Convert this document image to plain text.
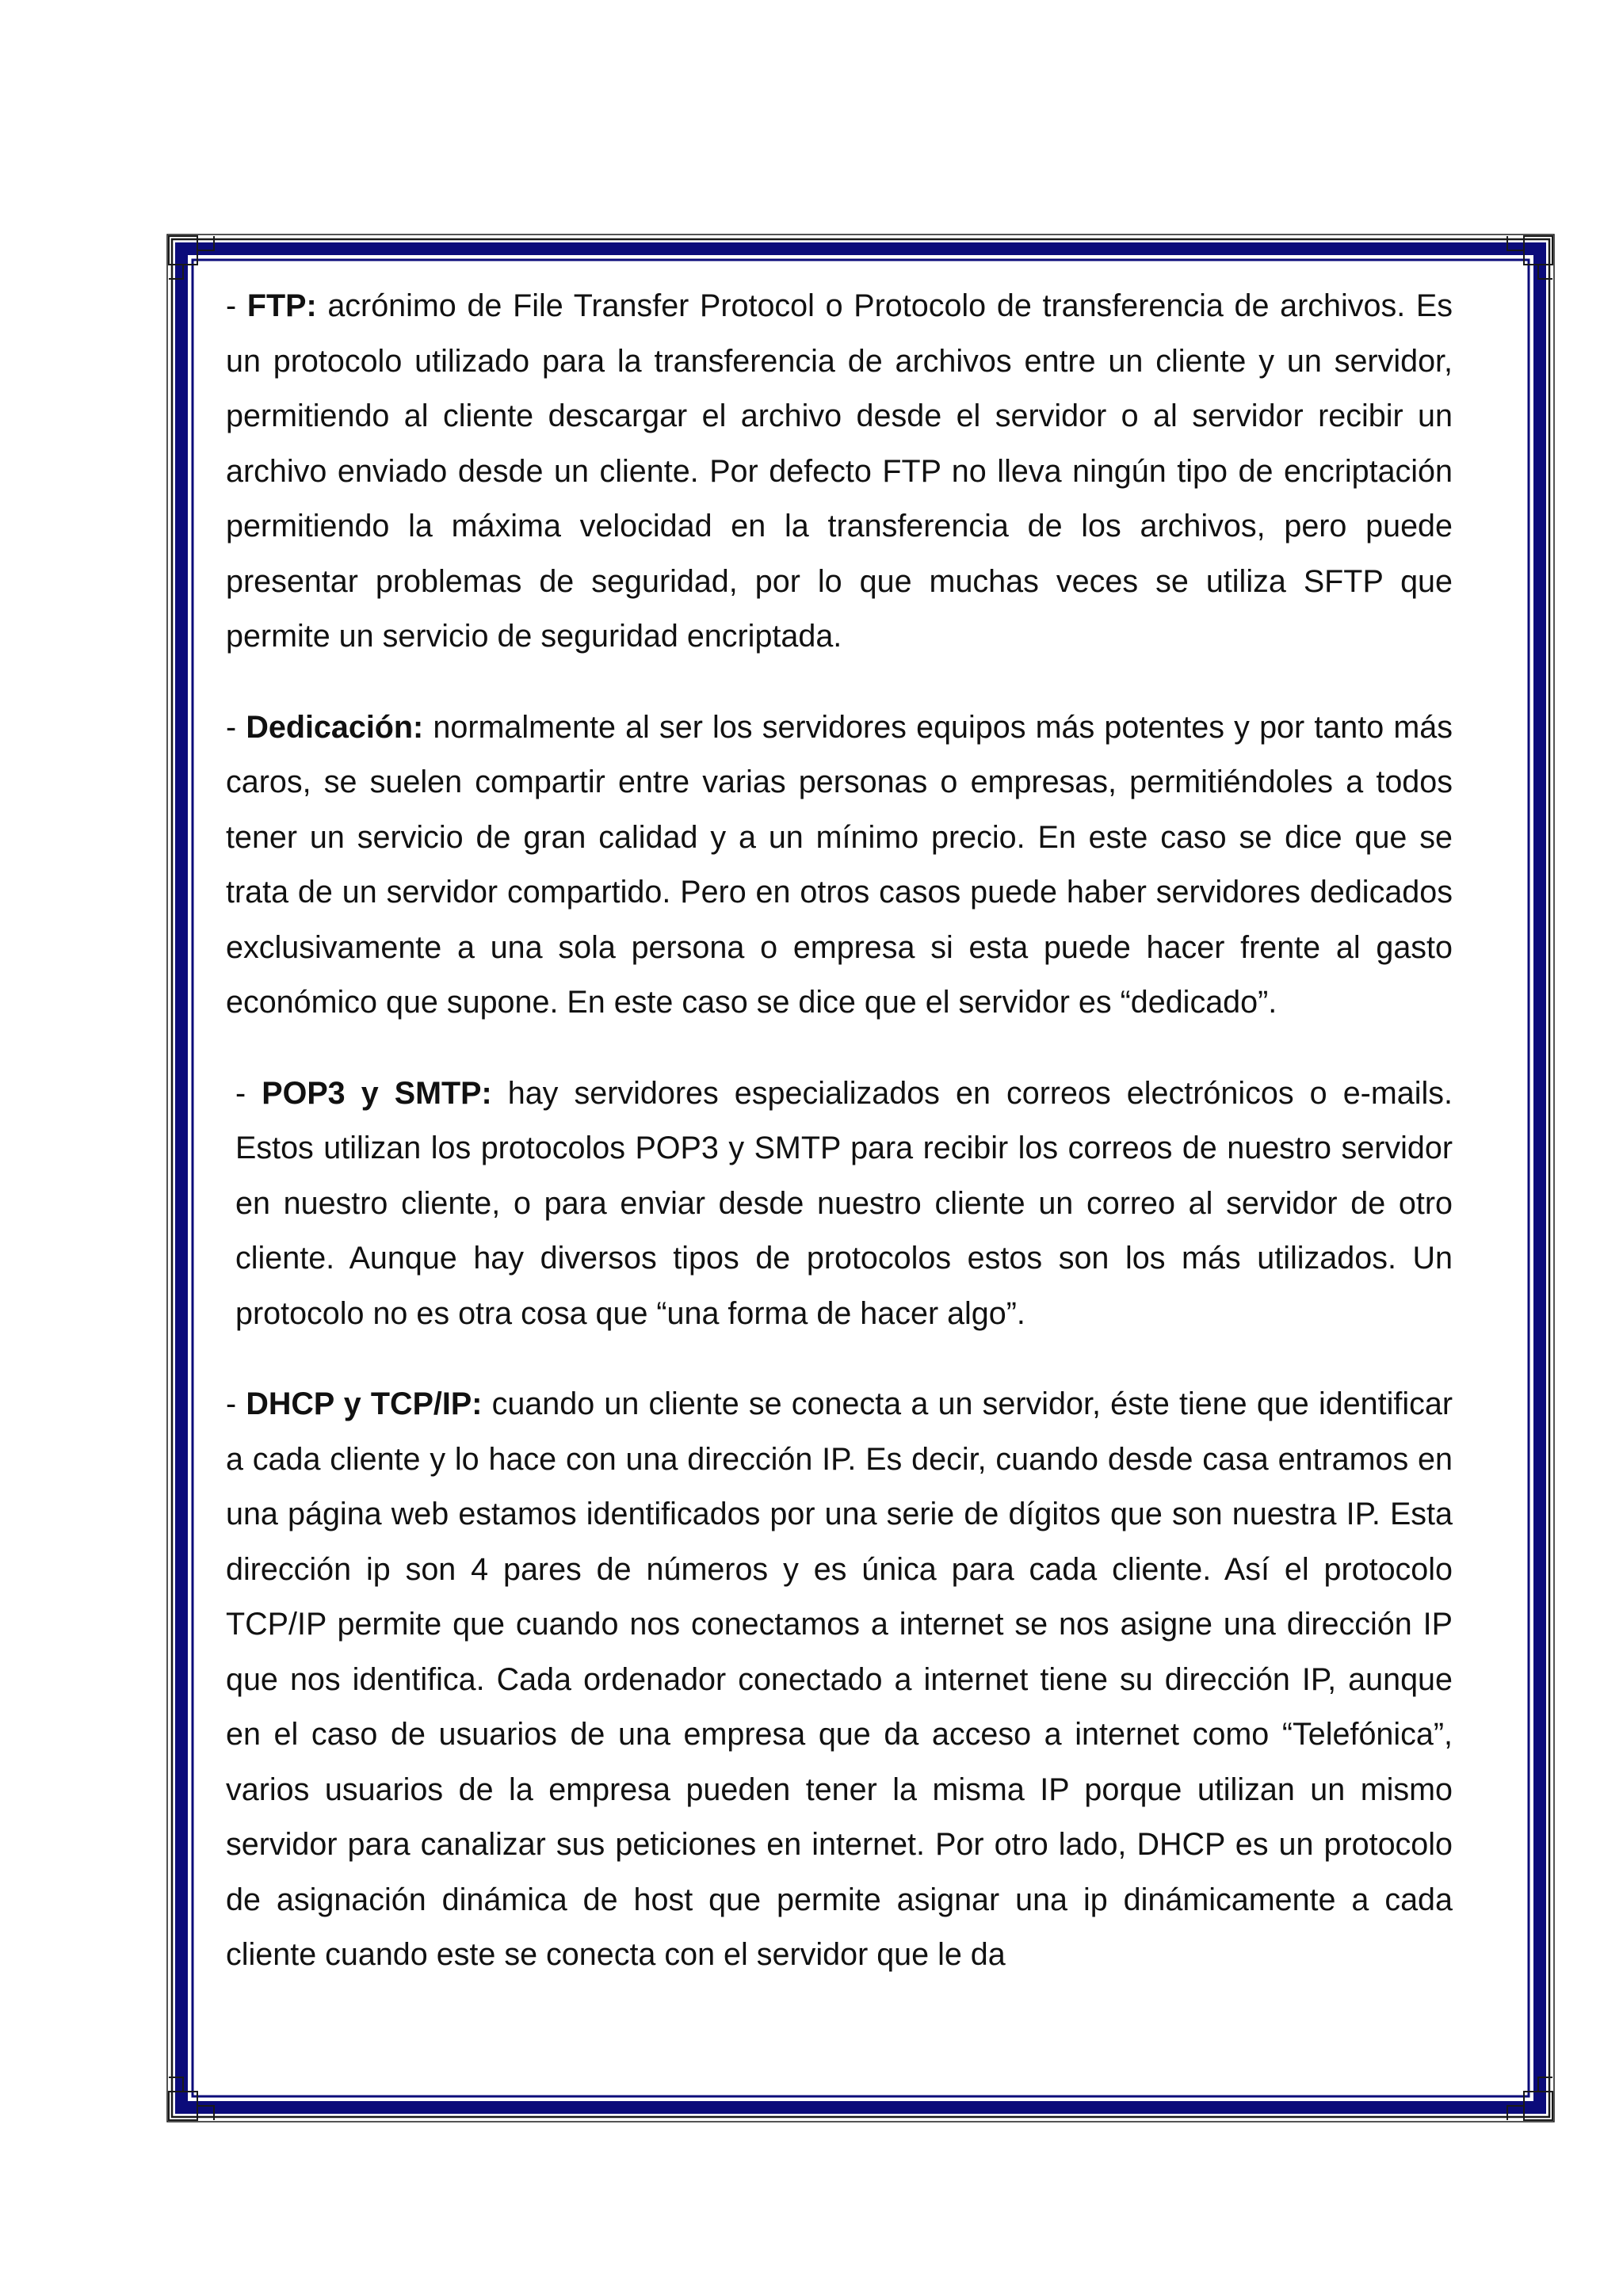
- FTP: acrónimo de File Transfer Protocol o Protocolo de transferencia de archivos. Es un protocolo utilizado para la transferencia de archivos entre un cliente y un servidor, permitiendo al cliente descargar el archivo desde el servidor o al servidor recibir un archivo enviado desde un cliente. Por defecto FTP no lleva ningún tipo de encriptación permitiendo la máxima velocidad en la transferencia de los archivos, pero puede presentar problemas de seguridad, por lo que muchas veces se utiliza SFTP que permite un servicio de seguridad encriptada.

- Dedicación: normalmente al ser los servidores equipos más potentes y por tanto más caros, se suelen compartir entre varias personas o empresas, permitiéndoles a todos tener un servicio de gran calidad y a un mínimo precio. En este caso se dice que se trata de un servidor compartido. Pero en otros casos puede haber servidores dedicados exclusivamente a una sola persona o empresa si esta puede hacer frente al gasto económico que supone. En este caso se dice que el servidor es “dedicado”.

- POP3 y SMTP: hay servidores especializados en correos electrónicos o e-mails. Estos utilizan los protocolos POP3 y SMTP para recibir los correos de nuestro servidor en nuestro cliente, o para enviar desde nuestro cliente un correo al servidor de otro cliente. Aunque hay diversos tipos de protocolos estos son los más utilizados. Un protocolo no es otra cosa que “una forma de hacer algo”.

- DHCP y TCP/IP: cuando un cliente se conecta a un servidor, éste tiene que identificar a cada cliente y lo hace con una dirección IP. Es decir, cuando desde casa entramos en una página web estamos identificados por una serie de dígitos que son nuestra IP. Esta dirección ip son 4 pares de números y es única para cada cliente. Así el protocolo TCP/IP permite que cuando nos conectamos a internet se nos asigne una dirección IP que nos identifica. Cada ordenador conectado a internet tiene su dirección IP, aunque en el caso de usuarios de una empresa que da acceso a internet como “Telefónica”, varios usuarios de la empresa pueden tener la misma IP porque utilizan un mismo servidor para canalizar sus peticiones en internet. Por otro lado, DHCP es un protocolo de asignación dinámica de host que permite asignar una ip dinámicamente a cada cliente cuando este se conecta con el servidor que le da
